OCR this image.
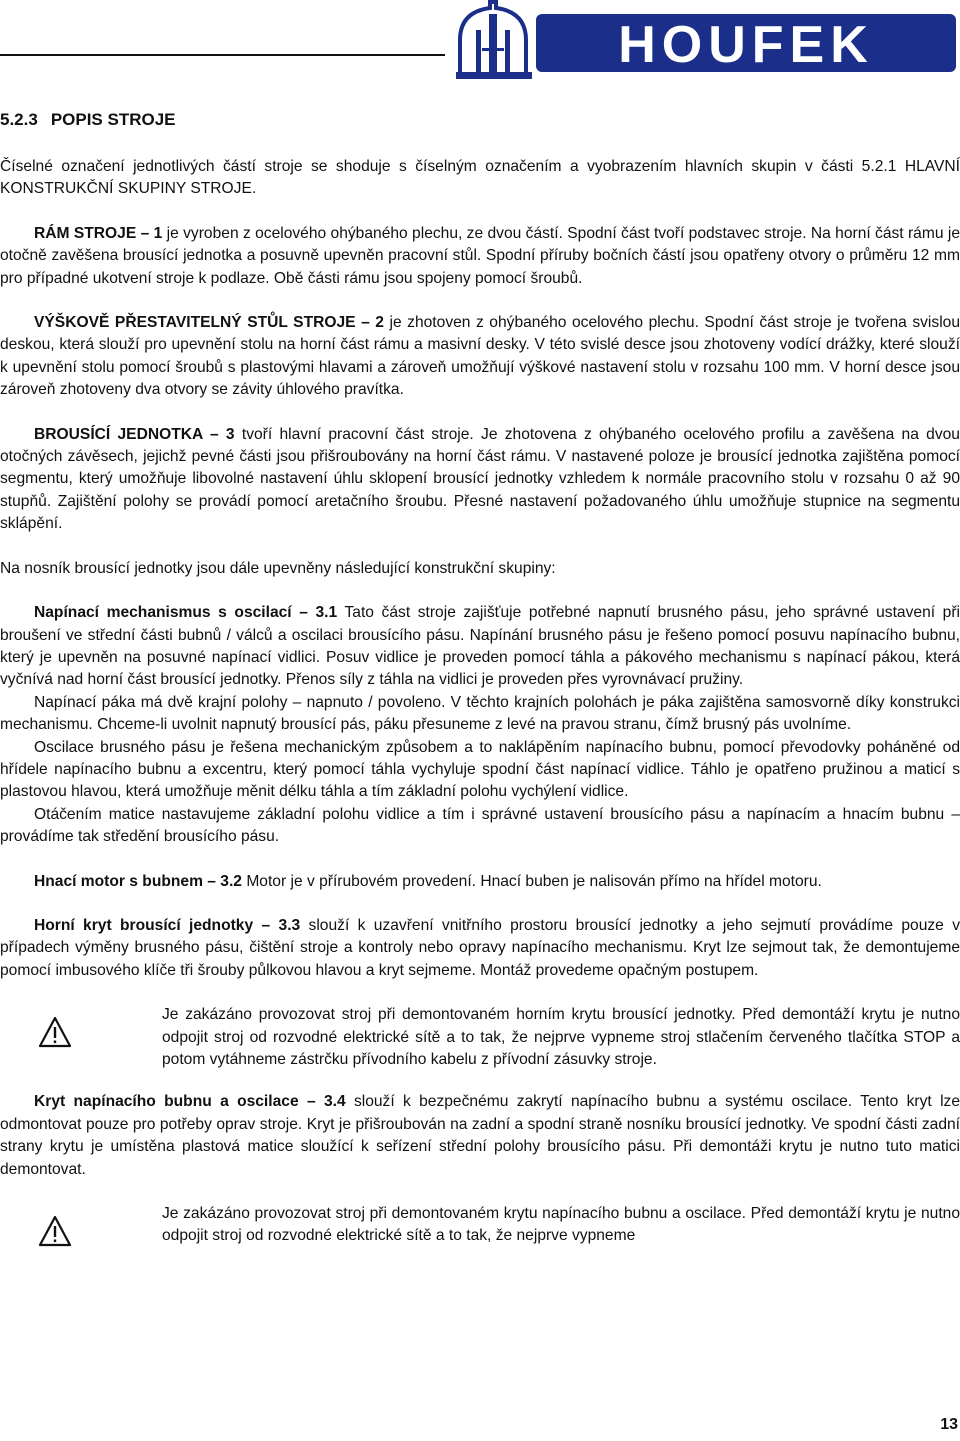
HOUFEK
5.2.3 POPIS STROJE

Číselné označení jednotlivých částí stroje se shoduje s číselným označením a vyobrazením hlavních skupin v části 5.2.1 HLAVNÍ KONSTRUKČNÍ SKUPINY STROJE.

RÁM STROJE – 1 je vyroben z ocelového ohýbaného plechu, ze dvou částí. Spodní část tvoří podstavec stroje. Na horní část rámu je otočně zavěšena brousící jednotka a posuvně upevněn pracovní stůl. Spodní příruby bočních částí jsou opatřeny otvory o průměru 12 mm pro případné ukotvení stroje k podlaze. Obě části rámu jsou spojeny pomocí šroubů.

VÝŠKOVĚ PŘESTAVITELNÝ STŮL STROJE – 2 je zhotoven z ohýbaného ocelového plechu. Spodní část stroje je tvořena svislou deskou, která slouží pro upevnění stolu na horní část rámu a masivní desky. V této svislé desce jsou zhotoveny vodící drážky, které slouží k upevnění stolu pomocí šroubů s plastovými hlavami a zároveň umožňují výškové nastavení stolu v rozsahu 100 mm. V horní desce jsou zároveň zhotoveny dva otvory se závity úhlového pravítka.

BROUSÍCÍ JEDNOTKA – 3 tvoří hlavní pracovní část stroje. Je zhotovena z ohýbaného ocelového profilu a zavěšena na dvou otočných závěsech, jejichž pevné části jsou přišroubovány na horní část rámu. V nastavené poloze je brousící jednotka zajištěna pomocí segmentu, který umožňuje libovolné nastavení úhlu sklopení brousící jednotky vzhledem k normále pracovního stolu v rozsahu 0 až 90 stupňů. Zajištění polohy se provádí pomocí aretačního šroubu. Přesné nastavení požadovaného úhlu umožňuje stupnice na segmentu sklápění.

Na nosník brousící jednotky jsou dále upevněny následující konstrukční skupiny:

Napínací mechanismus s oscilací – 3.1 Tato část stroje zajišťuje potřebné napnutí brusného pásu, jeho správné ustavení při broušení ve střední části bubnů / válců a oscilaci brousícího pásu. Napínání brusného pásu je řešeno pomocí posuvu napínacího bubnu, který je upevněn na posuvné napínací vidlici. Posuv vidlice je proveden pomocí táhla a pákového mechanismu s napínací pákou, která vyčnívá nad horní část brousící jednotky. Přenos síly z táhla na vidlici je proveden přes vyrovnávací pružiny.

Napínací páka má dvě krajní polohy – napnuto / povoleno. V těchto krajních polohách je páka zajištěna samosvorně díky konstrukci mechanismu. Chceme-li uvolnit napnutý brousící pás, páku přesuneme z levé na pravou stranu, čímž brusný pás uvolníme.

Oscilace brusného pásu je řešena mechanickým způsobem a to naklápěním napínacího bubnu, pomocí převodovky poháněné od hřídele napínacího bubnu a excentru, který pomocí táhla vychyluje spodní část napínací vidlice. Táhlo je opatřeno pružinou a maticí s plastovou hlavou, která umožňuje měnit délku táhla a tím základní polohu vychýlení vidlice.

Otáčením matice nastavujeme základní polohu vidlice a tím i správné ustavení brousícího pásu a napínacím a hnacím bubnu – provádíme tak středění brousícího pásu.

Hnací motor s bubnem – 3.2 Motor je v přírubovém provedení. Hnací buben je nalisován přímo na hřídel motoru.

Horní kryt brousící jednotky – 3.3 slouží k uzavření vnitřního prostoru brousící jednotky a jeho sejmutí provádíme pouze v případech výměny brusného pásu, čištění stroje a kontroly nebo opravy napínacího mechanismu. Kryt lze sejmout tak, že demontujeme pomocí imbusového klíče tři šrouby půlkovou hlavou a kryt sejmeme. Montáž provedeme opačným postupem.

Je zakázáno provozovat stroj při demontovaném horním krytu brousící jednotky. Před demontáží krytu je nutno odpojit stroj od rozvodné elektrické sítě a to tak, že nejprve vypneme stroj stlačením červeného tlačítka STOP a potom vytáhneme zástrčku přívodního kabelu z přívodní zásuvky stroje.

Kryt napínacího bubnu a oscilace – 3.4 slouží k bezpečnému zakrytí napínacího bubnu a systému oscilace. Tento kryt lze odmontovat pouze pro potřeby oprav stroje. Kryt je přišroubován na zadní a spodní straně nosníku brousící jednotky. Ve spodní části zadní strany krytu je umístěna plastová matice sloužící k seřízení střední polohy brousícího pásu. Při demontáži krytu je nutno tuto matici demontovat.

Je zakázáno provozovat stroj při demontovaném krytu napínacího bubnu a oscilace. Před demontáží krytu je nutno odpojit stroj od rozvodné elektrické sítě a to tak, že nejprve vypneme

13
